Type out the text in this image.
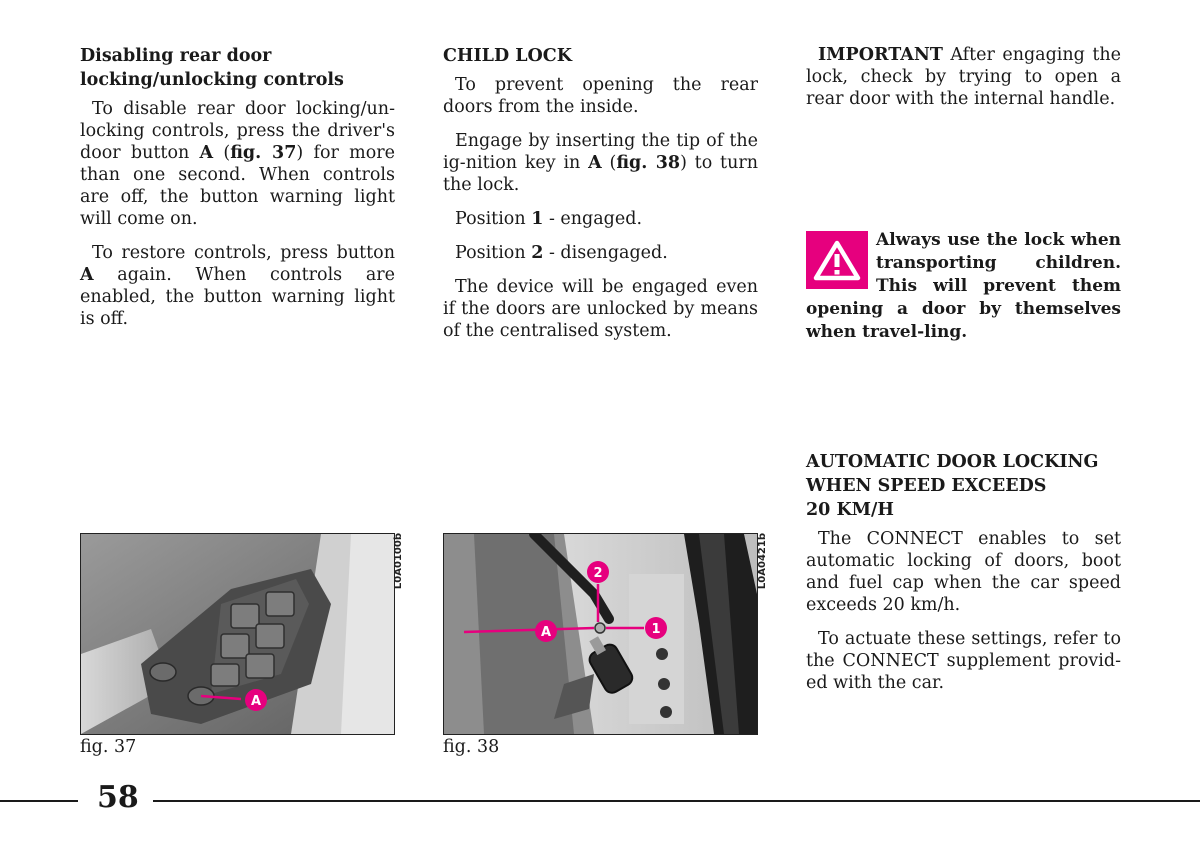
Disabling rear door
locking/unlocking controls

To disable rear door locking/un-locking controls, press the driver's door button A (fig. 37) for more than one second. When controls are off, the button warning light will come on.

To restore controls, press button A again. When controls are enabled, the button warning light is off.

CHILD LOCK

To prevent opening the rear doors from the inside.

Engage by inserting the tip of the ig-nition key in A (fig. 38) to turn the lock.

Position 1 - engaged.

Position 2 - disengaged.

The device will be engaged even if the doors are unlocked by means of the centralised system.

IMPORTANT After engaging the lock, check by trying to open a rear door with the internal handle.

Always use the lock when transporting children. This will prevent them opening a door by themselves when travel-ling.
AUTOMATIC DOOR LOCKING
WHEN SPEED EXCEEDS
20 KM/H

The CONNECT enables to set automatic locking of doors, boot and fuel cap when the car speed exceeds 20 km/h.

To actuate these settings, refer to the CONNECT supplement provid-ed with the car.

A
L0A0100b
fig. 37
A	1
2	L0A0421b
fig. 38
58
